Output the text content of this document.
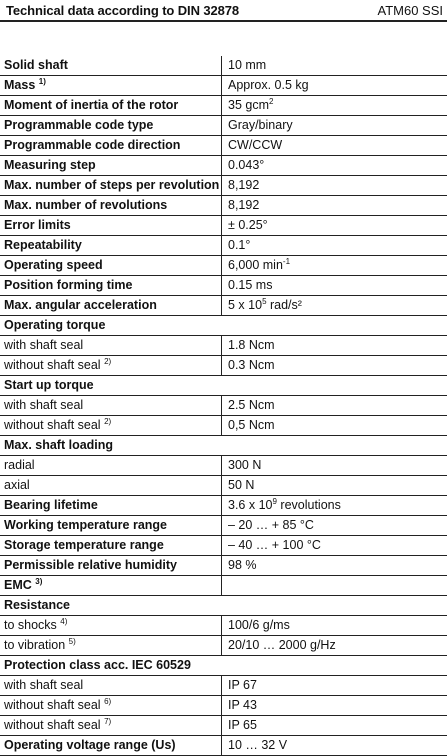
Technical data according to DIN 32878	ATM60 SSI
Solid shaft	10 mm
Mass $^{1)}$	Approx. 0.5 kg
Moment of inertia of the rotor	35 gcm$^2$
Programmable code type	Gray/binary
Programmable code direction	CW/CCW
Measuring step	0.043°
Max. number of steps per revolution 8,192
Max. number of revolutions	8,192
Error limits	± 0.25°
Repeatability	0.1°
Operating speed	6,000 $\min^{-1}$
Position forming time	0.15 ms
Max. angular acceleration	5 x $10^5$ rad/s²
Operating torque
with shaft seal	1.8 Ncm
without shaft seal $^{2)}$	0.3 Ncm
Start up torque
with shaft seal	2.5 Ncm
without shaft seal $^{2)}$	0,5 Ncm
Max. shaft loading
radial	300 N
axial	50 N
Bearing lifetime	3.6 x $10^9$ revolutions
Working temperature range	– 20 … + 85 °C
Storage temperature range	– 40 … + 100 °C
Permissible relative humidity	98 %
EMC $^{3)}$
Resistance
to shocks $^{4)}$	100/6 g/ms
to vibration $^{5)}$	20/10 … 2000 g/Hz
Protection class acc. IEC 60529
with shaft seal	IP 67
without shaft seal $^{6)}$	IP 43
without shaft seal $^{7)}$	IP 65
Operating voltage range (Us)	10 … 32 V
